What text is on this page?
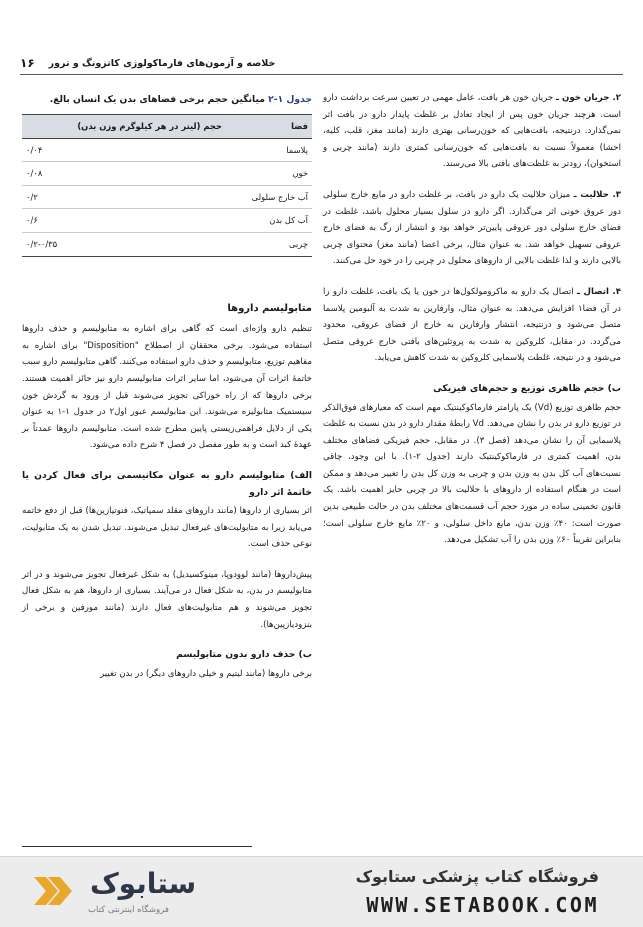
۱۶ خلاصه و آزمون‌های فارماکولوژی کاتزونگ و ترور

۲. جریان خون ـ جریان خون هر بافت، عامل مهمی در تعیین سرعت برداشت دارو است. هرچند جریان خون پس از ایجاد تعادل بر غلظت پایدار دارو در بافت اثر نمی‌گذارد. درنتیجه، بافت‌هایی که خون‌رسانی بهتری دارند (مانند مغز، قلب، کلیه، احشا) معمولاً نسبت به بافت‌هایی که خون‌رسانی کمتری دارند (مانند چربی و استخوان)، زودتر به غلظت‌های بافتی بالا می‌رسند.

۳. حلالیت ـ میزان حلالیت یک دارو در بافت، بر غلظت دارو در مایع خارج سلولی دور عروق خونی اثر می‌گذارد. اگر دارو در سلول بسیار محلول باشد، غلظت در فضای خارج سلولی دور عروقی پایین‌تر خواهد بود و انتشار از رگ به فضای خارج عروقی تسهیل خواهد شد. به عنوان مثال، برخی اعضا (مانند مغز) محتوای چربی بالایی دارند و لذا غلظت بالایی از داروهای محلول در چربی را در خود حل می‌کنند.

۴. اتصال ـ اتصال یک دارو به ماکرومولکول‌ها در خون یا یک بافت، غلظت دارو را در آن فضا۱ افزایش می‌دهد. به عنوان مثال، وارفارین به شدت به آلبومین پلاسما متصل می‌شود و درنتیجه، انتشار وارفارین به خارج از فضای عروقی، محدود می‌گردد. در مقابل، کلروکین به شدت به پروتئین‌های بافتی خارج عروقی متصل می‌شود و در نتیجه، غلظت پلاسمایی کلروکین به شدت کاهش می‌یابد.

ب) حجم ظاهری توزیع و حجم‌های فیزیکی

حجم ظاهری توزیع (Vd) یک پارامتر فارماکوکینتیک مهم است که معیارهای فوق‌الذکر در توزیع دارو در بدن را نشان می‌دهد. Vd رابطهٔ مقدار دارو در بدن نسبت به غلظت پلاسمایی آن را نشان می‌دهد (فصل ۳). در مقابل، حجم فیزیکی فضاهای مختلف بدن، اهمیت کمتری در فارماکوکینتیک دارند (جدول ۲-۱). با این وجود، چاقی نسبت‌های آب کل بدن به وزن بدن و چربی به وزن کل بدن را تغییر می‌دهد و ممکن است در هنگام استفاده از داروهای با حلالیت بالا در چربی حایز اهمیت باشد. یک قانون تخمینی ساده در مورد حجم آب قسمت‌های مختلف بدن در حالت طبیعی بدین صورت است: ۴۰٪ وزن بدن، مایع داخل سلولی، و ۲۰٪ مایع خارج سلولی است؛ بنابراین تقریباً ۶۰٪ وزن بدن را آب تشکیل می‌دهد.

جدول ۱-۲ میانگین حجم برخی فضاهای بدن یک انسان بالغ.
فضا	حجم (لیتر در هر کیلوگرم وزن بدن)
پلاسما	۰/۰۴
خون	۰/۰۸
آب خارج سلولی	۰/۲
آب کل بدن	۰/۶
چربی	۰/۲-۰/۳۵
متابولیسم داروها

تنظیم دارو واژه‌ای است که گاهی برای اشاره به متابولیسم و حذف داروها استفاده می‌شود. برخی محققان از اصطلاح "Disposition" برای اشاره به مفاهیم توزیع، متابولیسم و حذف دارو استفاده می‌کنند. گاهی متابولیسم دارو سبب خاتمهٔ اثرات آن می‌شود، اما سایر اثرات متابولیسم دارو نیز حائز اهمیت هستند. برخی داروها که از راه خوراکی تجویز می‌شوند قبل از ورود به گردش خون سیستمیک متابولیزه می‌شوند. این متابولیسم عبور اول۲ در جدول ۱-۱ به عنوان یکی از دلایل فراهمی‌زیستی پایین مطرح شده است. متابولیسم داروها عمدتاً بر عهدهٔ کبد است و به طور مفصل در فصل ۴ شرح داده می‌شود.

الف) متابولیسم دارو به عنوان مکانیسمی برای فعال کردن یا خاتمهٔ اثر دارو

اثر بسیاری از داروها (مانند داروهای مقلد سمپاتیک، فنوتیازین‌ها) قبل از دفع خاتمه می‌یابد زیرا به متابولیت‌های غیرفعال تبدیل می‌شوند. تبدیل شدن به یک متابولیت، نوعی حذف است.

پیش‌داروها (مانند لوودوپا، مینوکسیدیل) به شکل غیرفعال تجویز می‌شوند و در اثر متابولیسم در بدن، به شکل فعال در می‌آیند. بسیاری از داروها، هم به شکل فعال تجویز می‌شوند و هم متابولیت‌های فعال دارند (مانند مورفین و برخی از بنزودیازپین‌ها).

ب) حذف دارو بدون متابولیسم

برخی داروها (مانند لیتیم و خیلی داروهای دیگر) در بدن تغییر

فروشگاه کتاب پزشکی ستابوک
WWW.SETABOOK.COM
ستابوک
فروشگاه اینترنتی کتاب
